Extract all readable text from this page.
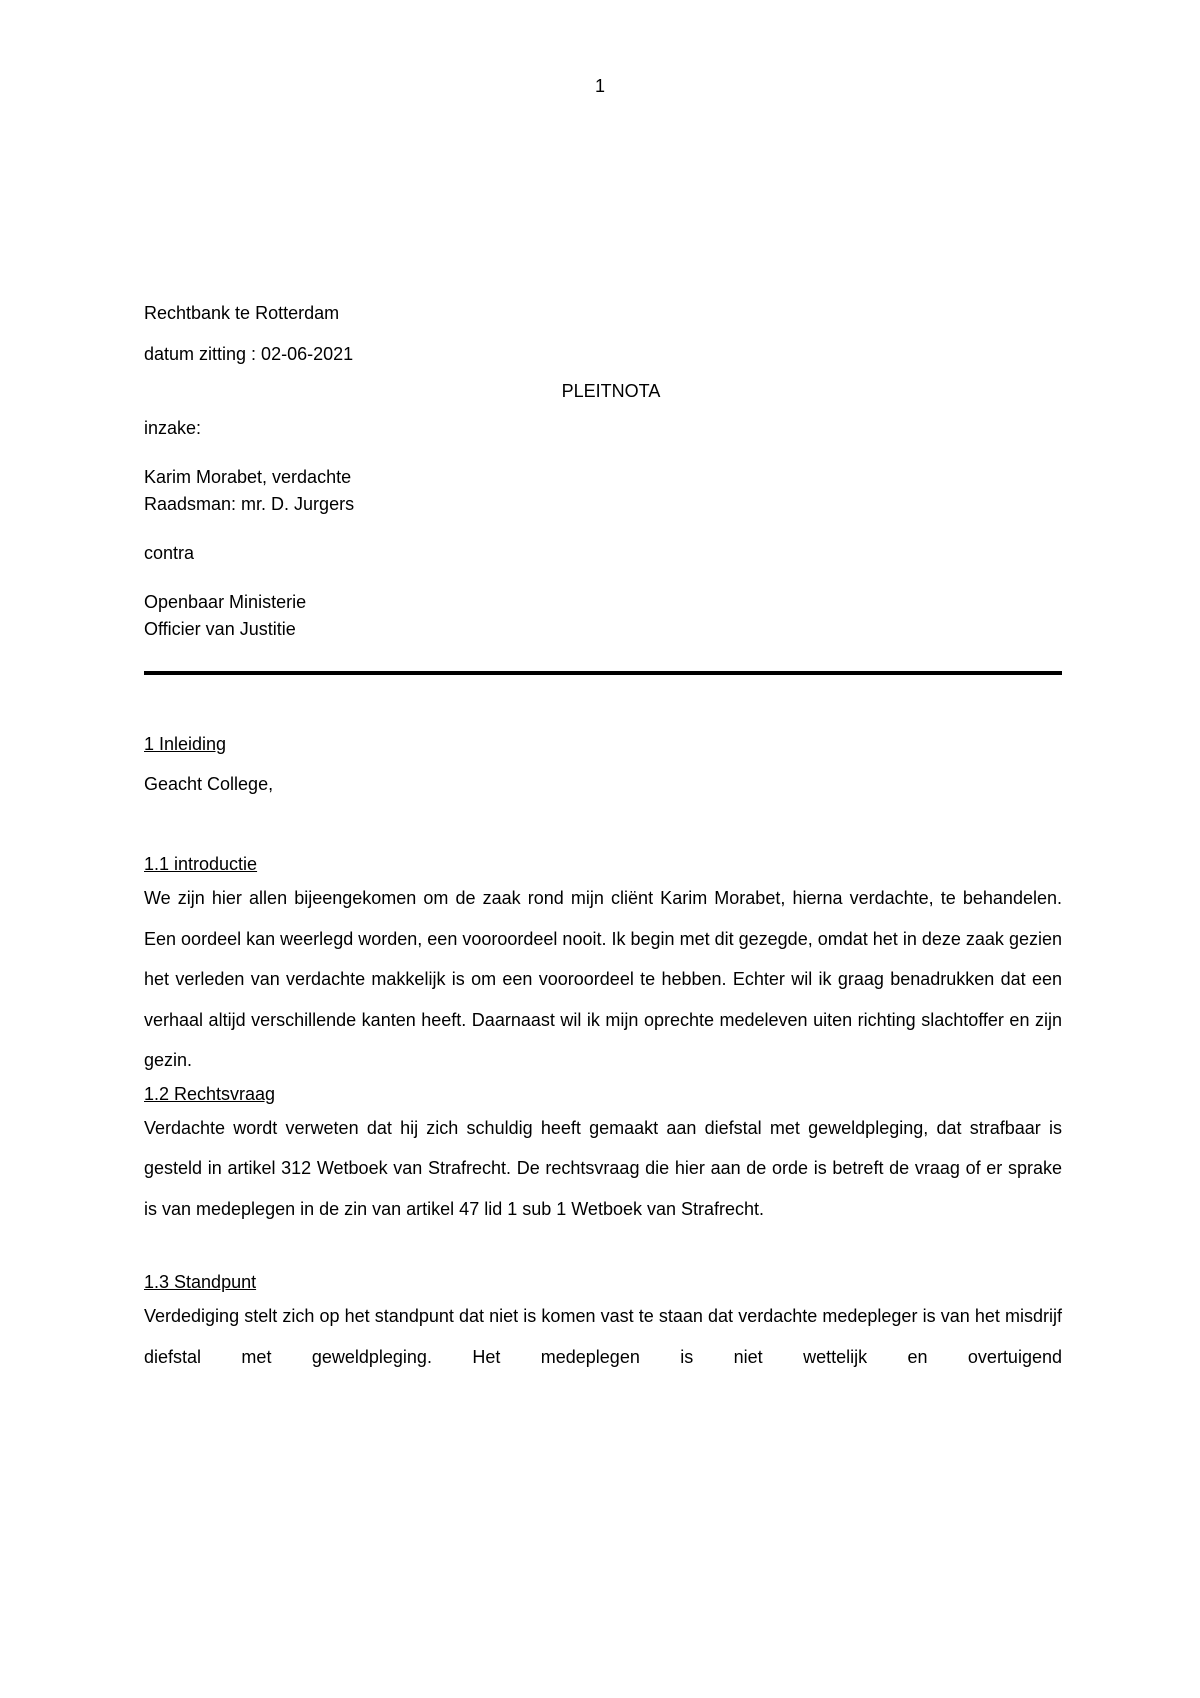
1

Rechtbank te Rotterdam

datum zitting : 02-06-2021

PLEITNOTA

inzake:

Karim Morabet, verdachte

Raadsman: mr. D. Jurgers

contra

Openbaar Ministerie

Officier van Justitie

1 Inleiding

Geacht College,

1.1 introductie

We zijn hier allen bijeengekomen om de zaak rond mijn cliënt Karim Morabet, hierna verdachte, te behandelen. Een oordeel kan weerlegd worden, een vooroordeel nooit. Ik begin met dit gezegde, omdat het in deze zaak gezien het verleden van verdachte makkelijk is om een vooroordeel te hebben. Echter wil ik graag benadrukken dat een verhaal altijd verschillende kanten heeft. Daarnaast wil ik mijn oprechte medeleven uiten richting slachtoffer en zijn gezin.

1.2 Rechtsvraag

Verdachte wordt verweten dat hij zich schuldig heeft gemaakt aan diefstal met geweldpleging, dat strafbaar is gesteld in artikel 312 Wetboek van Strafrecht. De rechtsvraag die hier aan de orde is betreft de vraag of er sprake is van medeplegen in de zin van artikel 47 lid 1 sub 1 Wetboek van Strafrecht.

1.3 Standpunt

Verdediging stelt zich op het standpunt dat niet is komen vast te staan dat verdachte medepleger is van het misdrijf diefstal met geweldpleging. Het medeplegen is niet wettelijk en overtuigend
